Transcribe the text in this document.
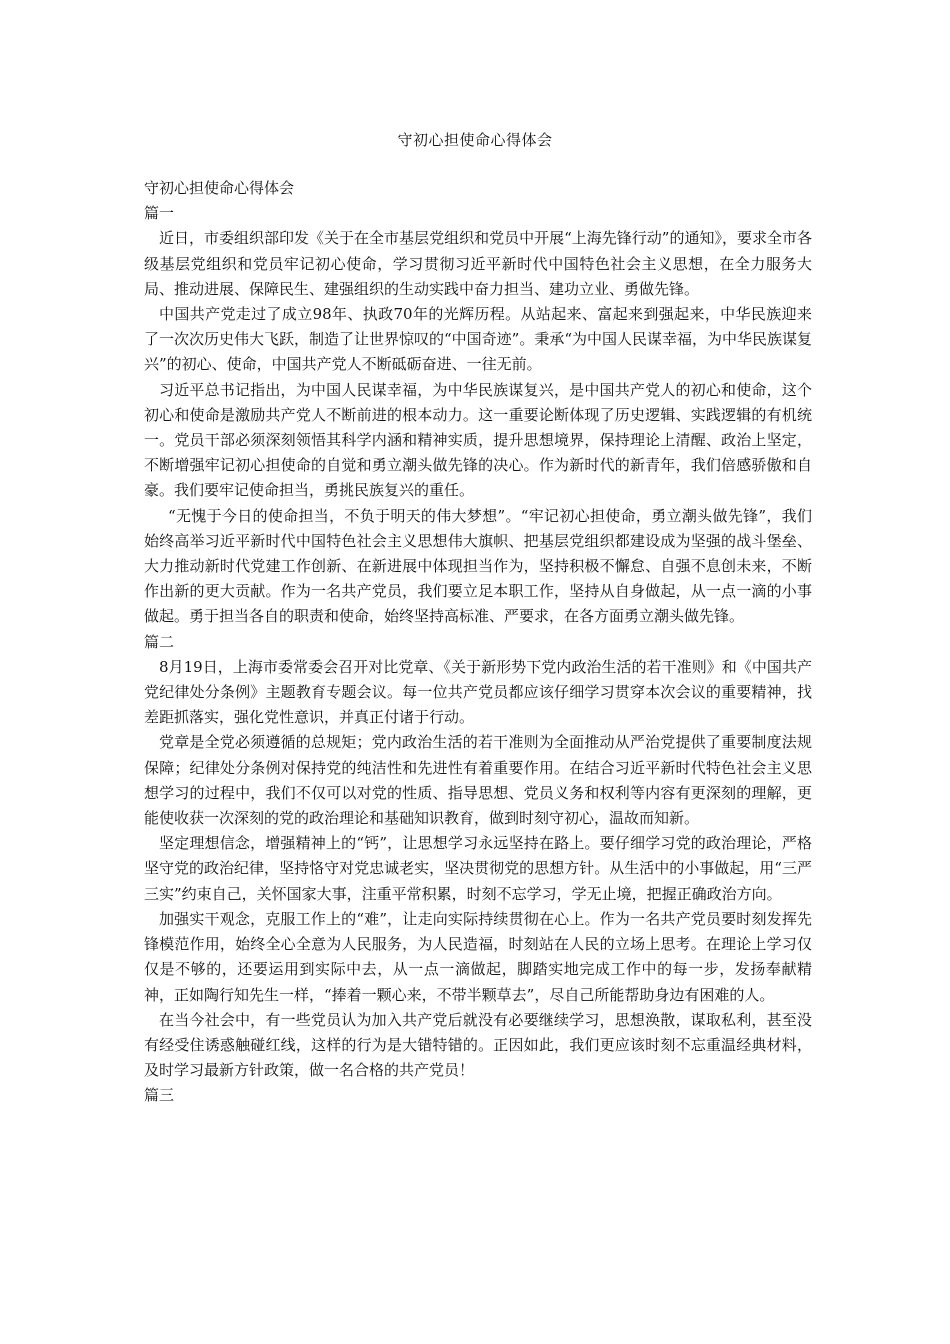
守初心担使命心得体会

守初心担使命心得体会

篇一

近日，市委组织部印发《关于在全市基层党组织和党员中开展“上海先锋行动”的通知》，要求全市各级基层党组织和党员牢记初心使命，学习贯彻习近平新时代中国特色社会主义思想，在全力服务大局、推动进展、保障民生、建强组织的生动实践中奋力担当、建功立业、勇做先锋。

中国共产党走过了成立98年、执政70年的光辉历程。从站起来、富起来到强起来，中华民族迎来了一次次历史伟大飞跃，制造了让世界惊叹的“中国奇迹”。秉承“为中国人民谋幸福，为中华民族谋复兴”的初心、使命，中国共产党人不断砥砺奋进、一往无前。

习近平总书记指出，为中国人民谋幸福，为中华民族谋复兴，是中国共产党人的初心和使命，这个初心和使命是激励共产党人不断前进的根本动力。这一重要论断体现了历史逻辑、实践逻辑的有机统一。党员干部必须深刻领悟其科学内涵和精神实质，提升思想境界，保持理论上清醒、政治上坚定，不断增强牢记初心担使命的自觉和勇立潮头做先锋的决心。作为新时代的新青年，我们倍感骄傲和自豪。我们要牢记使命担当，勇挑民族复兴的重任。

“无愧于今日的使命担当，不负于明天的伟大梦想”。“牢记初心担使命，勇立潮头做先锋”，我们始终高举习近平新时代中国特色社会主义思想伟大旗帜、把基层党组织都建设成为坚强的战斗堡垒、大力推动新时代党建工作创新、在新进展中体现担当作为，坚持积极不懈怠、自强不息创未来，不断作出新的更大贡献。作为一名共产党员，我们要立足本职工作，坚持从自身做起，从一点一滴的小事做起。勇于担当各自的职责和使命，始终坚持高标准、严要求，在各方面勇立潮头做先锋。

篇二

8月19日，上海市委常委会召开对比党章、《关于新形势下党内政治生活的若干准则》和《中国共产党纪律处分条例》主题教育专题会议。每一位共产党员都应该仔细学习贯穿本次会议的重要精神，找差距抓落实，强化党性意识，并真正付诸于行动。

党章是全党必须遵循的总规矩；党内政治生活的若干准则为全面推动从严治党提供了重要制度法规保障；纪律处分条例对保持党的纯洁性和先进性有着重要作用。在结合习近平新时代特色社会主义思想学习的过程中，我们不仅可以对党的性质、指导思想、党员义务和权利等内容有更深刻的理解，更能使收获一次深刻的党的政治理论和基础知识教育，做到时刻守初心，温故而知新。

坚定理想信念，增强精神上的“钙”，让思想学习永远坚持在路上。要仔细学习党的政治理论，严格坚守党的政治纪律，坚持恪守对党忠诚老实，坚决贯彻党的思想方针。从生活中的小事做起，用“三严三实”约束自己，关怀国家大事，注重平常积累，时刻不忘学习，学无止境，把握正确政治方向。

加强实干观念，克服工作上的“难”，让走向实际持续贯彻在心上。作为一名共产党员要时刻发挥先锋模范作用，始终全心全意为人民服务，为人民造福，时刻站在人民的立场上思考。在理论上学习仅仅是不够的，还要运用到实际中去，从一点一滴做起，脚踏实地完成工作中的每一步，发扬奉献精神，正如陶行知先生一样，“捧着一颗心来，不带半颗草去”，尽自己所能帮助身边有困难的人。

在当今社会中，有一些党员认为加入共产党后就没有必要继续学习，思想涣散，谋取私利，甚至没有经受住诱惑触碰红线，这样的行为是大错特错的。正因如此，我们更应该时刻不忘重温经典材料，及时学习最新方针政策，做一名合格的共产党员！

篇三
